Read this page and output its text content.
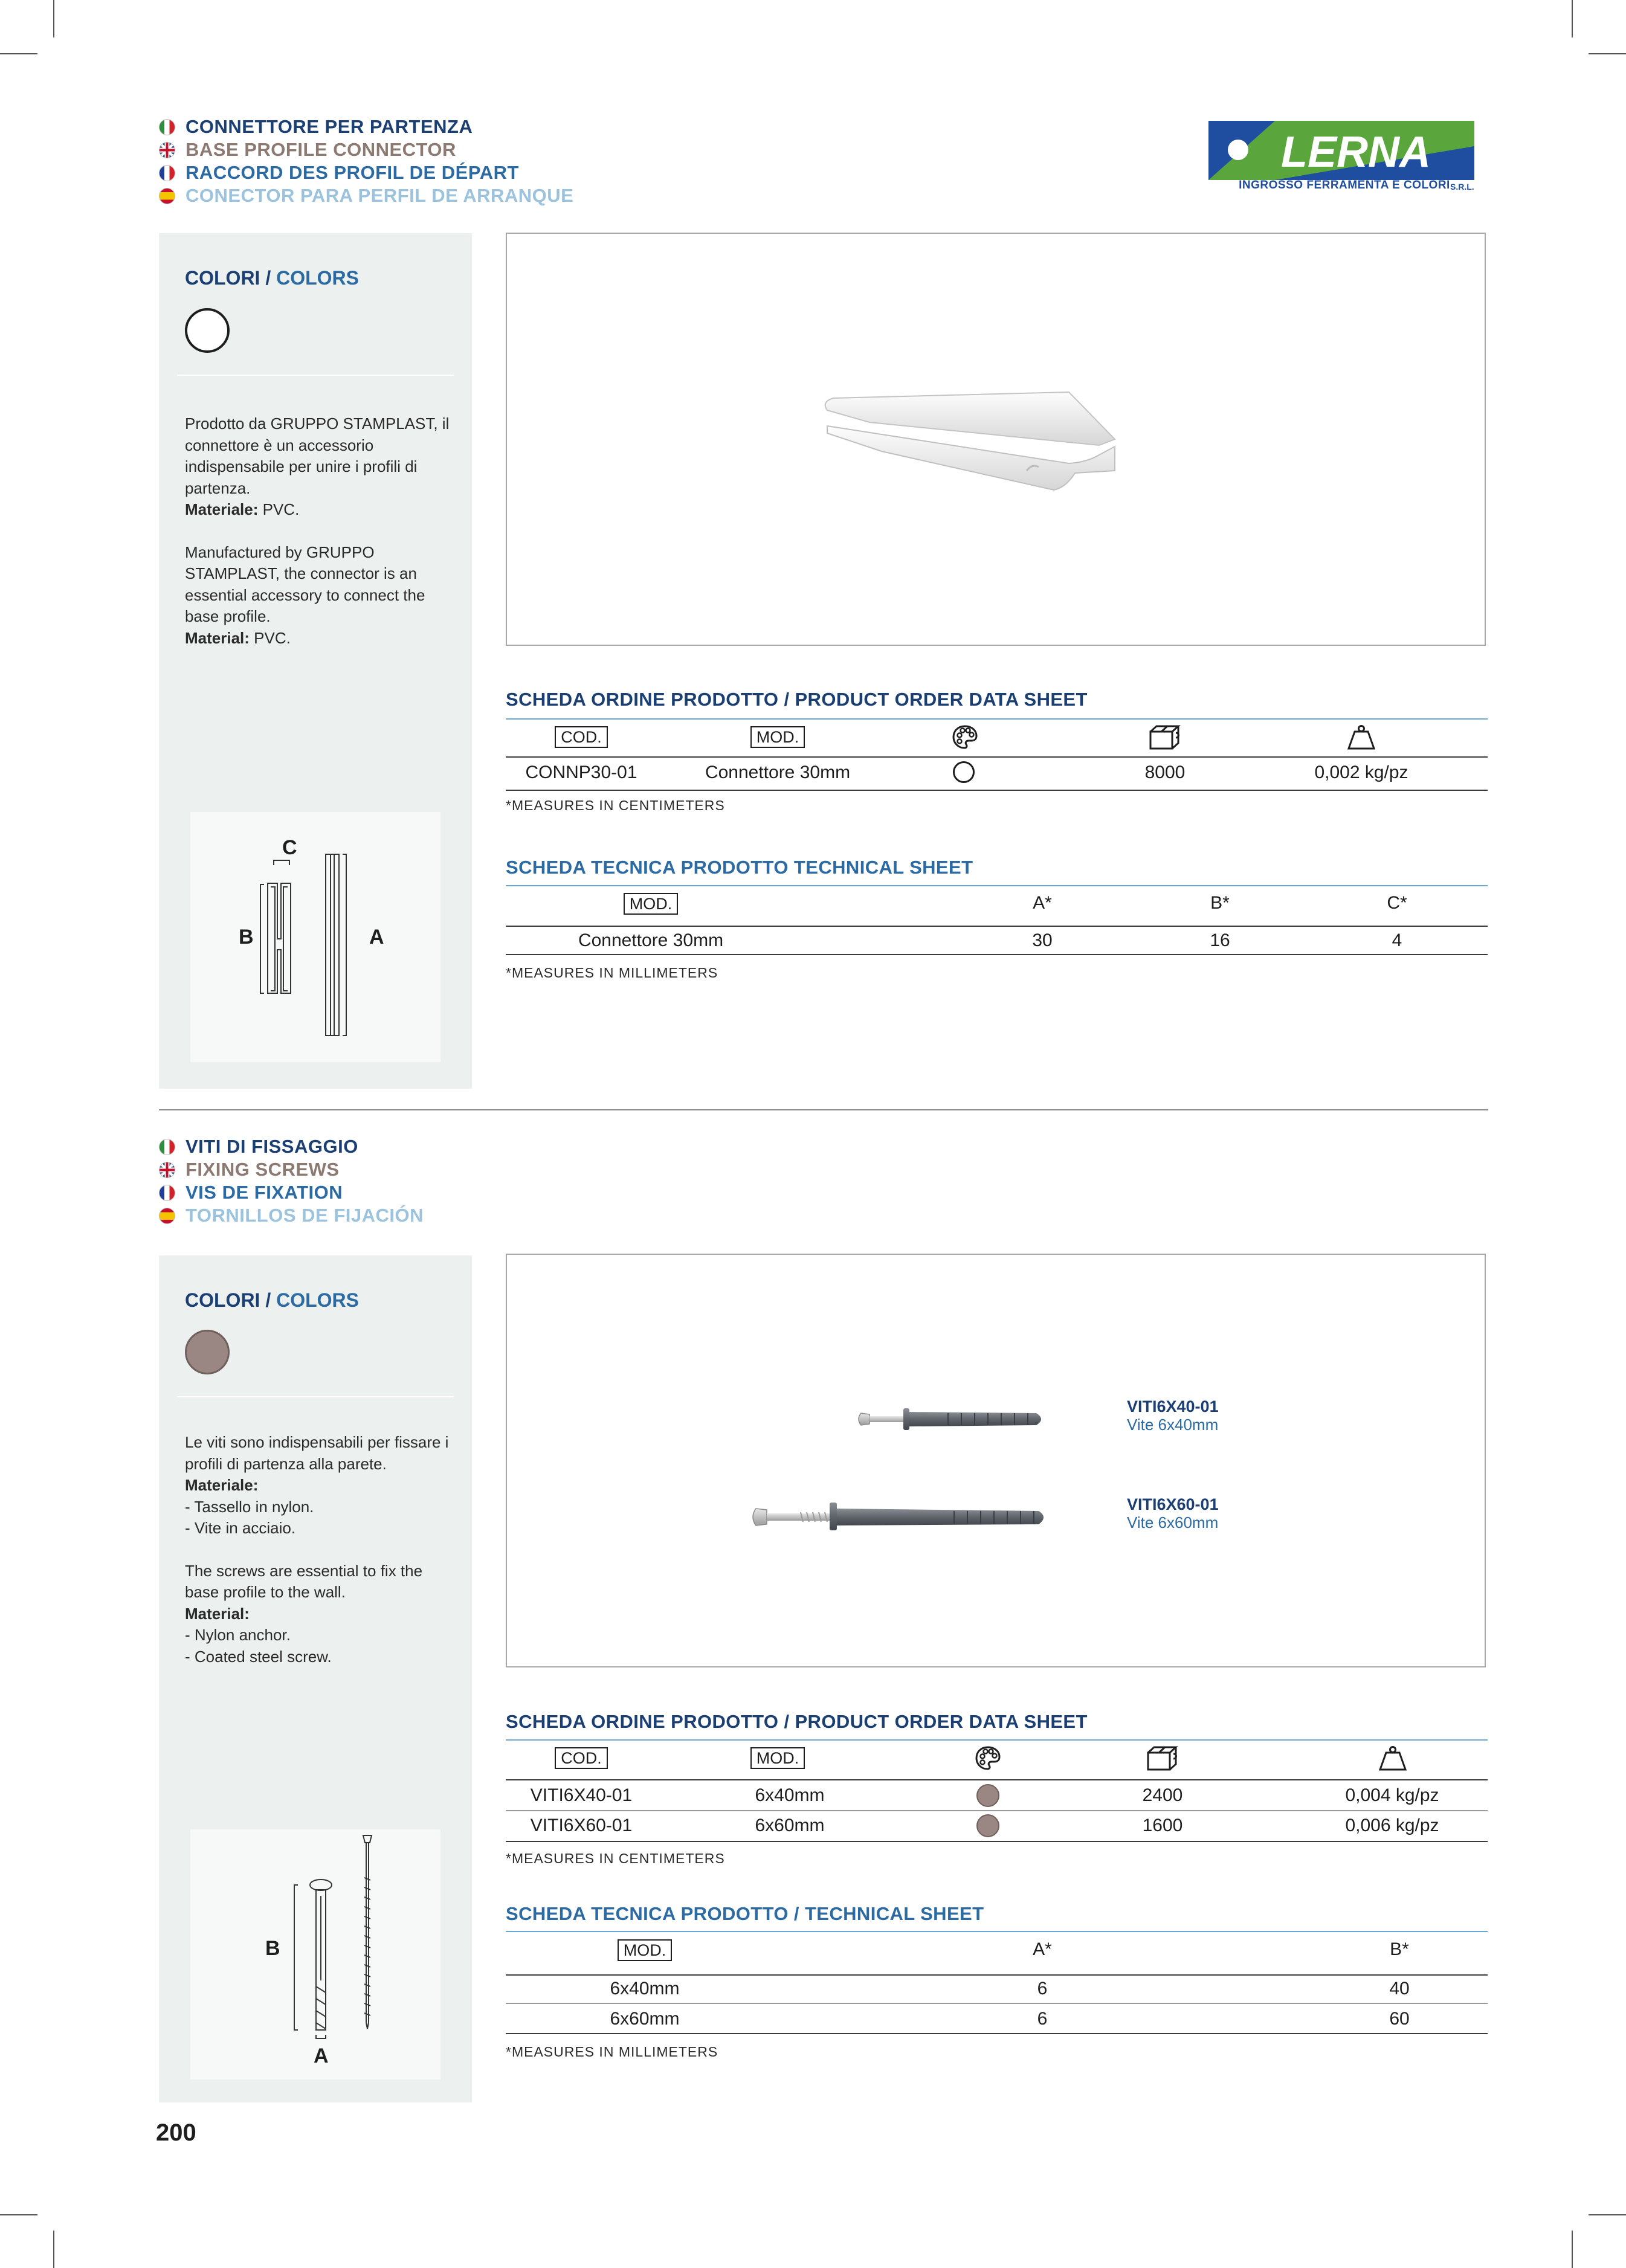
CONNETTORE PER PARTENZA
BASE PROFILE CONNECTOR
RACCORD DES PROFIL DE DÉPART
CONECTOR PARA PERFIL DE ARRANQUE
LERNA
S.R.L.
INGROSSO FERRAMENTA E COLORI
COLORI / COLORS

Prodotto da GRUPPO STAMPLAST, il connettore è un accessorio indispensabile per unire i profili di partenza.

Materiale: PVC.

Manufactured by GRUPPO STAMPLAST, the connector is an essential accessory to connect the base profile.

Material: PVC.

C
B	A
SCHEDA ORDINE PRODOTTO / PRODUCT ORDER DATA SHEET
COD.	MOD.
CONNP30-01	Connettore 30mm	8000	0,002 kg/pz
*MEASURES IN CENTIMETERS
SCHEDA TECNICA PRODOTTO TECHNICAL SHEET
MOD.	A*	B*	C*
Connettore 30mm	30	16	4
*MEASURES IN MILLIMETERS
VITI DI FISSAGGIO
FIXING SCREWS
VIS DE FIXATION
TORNILLOS DE FIJACIÓN
COLORI / COLORS

Le viti sono indispensabili per fissare i profili di partenza alla parete.

Materiale:

- Tassello in nylon.

- Vite in acciaio.

The screws are essential to fix the base profile to the wall.

Material:

- Nylon anchor.

- Coated steel screw.

B
A
VITI6X40-01
Vite 6x40mm
VITI6X60-01
Vite 6x60mm
SCHEDA ORDINE PRODOTTO / PRODUCT ORDER DATA SHEET
COD.	MOD.
VITI6X40-01	6x40mm	2400	0,004 kg/pz
VITI6X60-01	6x60mm	1600	0,006 kg/pz
*MEASURES IN CENTIMETERS
SCHEDA TECNICA PRODOTTO / TECHNICAL SHEET
MOD.	A*	B*
6x40mm	6	40
6x60mm	6	60
*MEASURES IN MILLIMETERS
200
